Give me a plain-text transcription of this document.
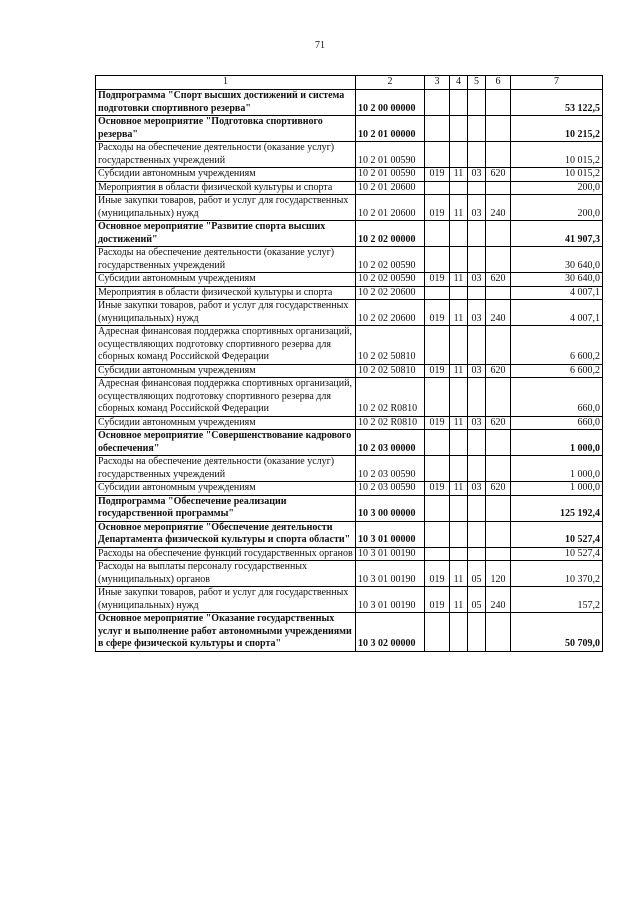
71
1	2	3	4	5	6	7
Подпрограмма "Спорт высших достижений и система подготовки спортивного резерва"	10 2 00 00000					53 122,5
Основное мероприятие "Подготовка спортивного резерва"	10 2 01 00000					10 215,2
Расходы на обеспечение деятельности (оказание услуг) государственных учреждений	10 2 01 00590					10 015,2
Субсидии автономным учреждениям	10 2 01 00590	019	11	03	620	10 015,2
Мероприятия в области физической культуры и спорта	10 2 01 20600					200,0
Иные закупки товаров, работ и услуг для государственных (муниципальных) нужд	10 2 01 20600	019	11	03	240	200,0
Основное мероприятие "Развитие спорта высших достижений"	10 2 02 00000					41 907,3
Расходы на обеспечение деятельности (оказание услуг) государственных учреждений	10 2 02 00590					30 640,0
Субсидии автономным учреждениям	10 2 02 00590	019	11	03	620	30 640,0
Мероприятия в области физической культуры и спорта	10 2 02 20600					4 007,1
Иные закупки товаров, работ и услуг для государственных (муниципальных) нужд	10 2 02 20600	019	11	03	240	4 007,1
Адресная финансовая поддержка спортивных организаций, осуществляющих подготовку спортивного резерва для сборных команд Российской Федерации	10 2 02 50810					6 600,2
Субсидии автономным учреждениям	10 2 02 50810	019	11	03	620	6 600,2
Адресная финансовая поддержка спортивных организаций, осуществляющих подготовку спортивного резерва для сборных команд Российской Федерации	10 2 02 R0810					660,0
Субсидии автономным учреждениям	10 2 02 R0810	019	11	03	620	660,0
Основное мероприятие "Совершенствование кадрового обеспечения"	10 2 03 00000					1 000,0
Расходы на обеспечение деятельности (оказание услуг) государственных учреждений	10 2 03 00590					1 000,0
Субсидии автономным учреждениям	10 2 03 00590	019	11	03	620	1 000,0
Подпрограмма "Обеспечение реализации государственной программы"	10 3 00 00000					125 192,4
Основное мероприятие "Обеспечение деятельности Департамента физической культуры и спорта области"	10 3 01 00000					10 527,4
Расходы на обеспечение функций государственных органов	10 3 01 00190					10 527,4
Расходы на выплаты персоналу государственных (муниципальных) органов	10 3 01 00190	019	11	05	120	10 370,2
Иные закупки товаров, работ и услуг для государственных (муниципальных) нужд	10 3 01 00190	019	11	05	240	157,2
Основное мероприятие "Оказание государственных услуг и выполнение работ автономными учреждениями в сфере физической культуры и спорта"	10 3 02 00000					50 709,0
